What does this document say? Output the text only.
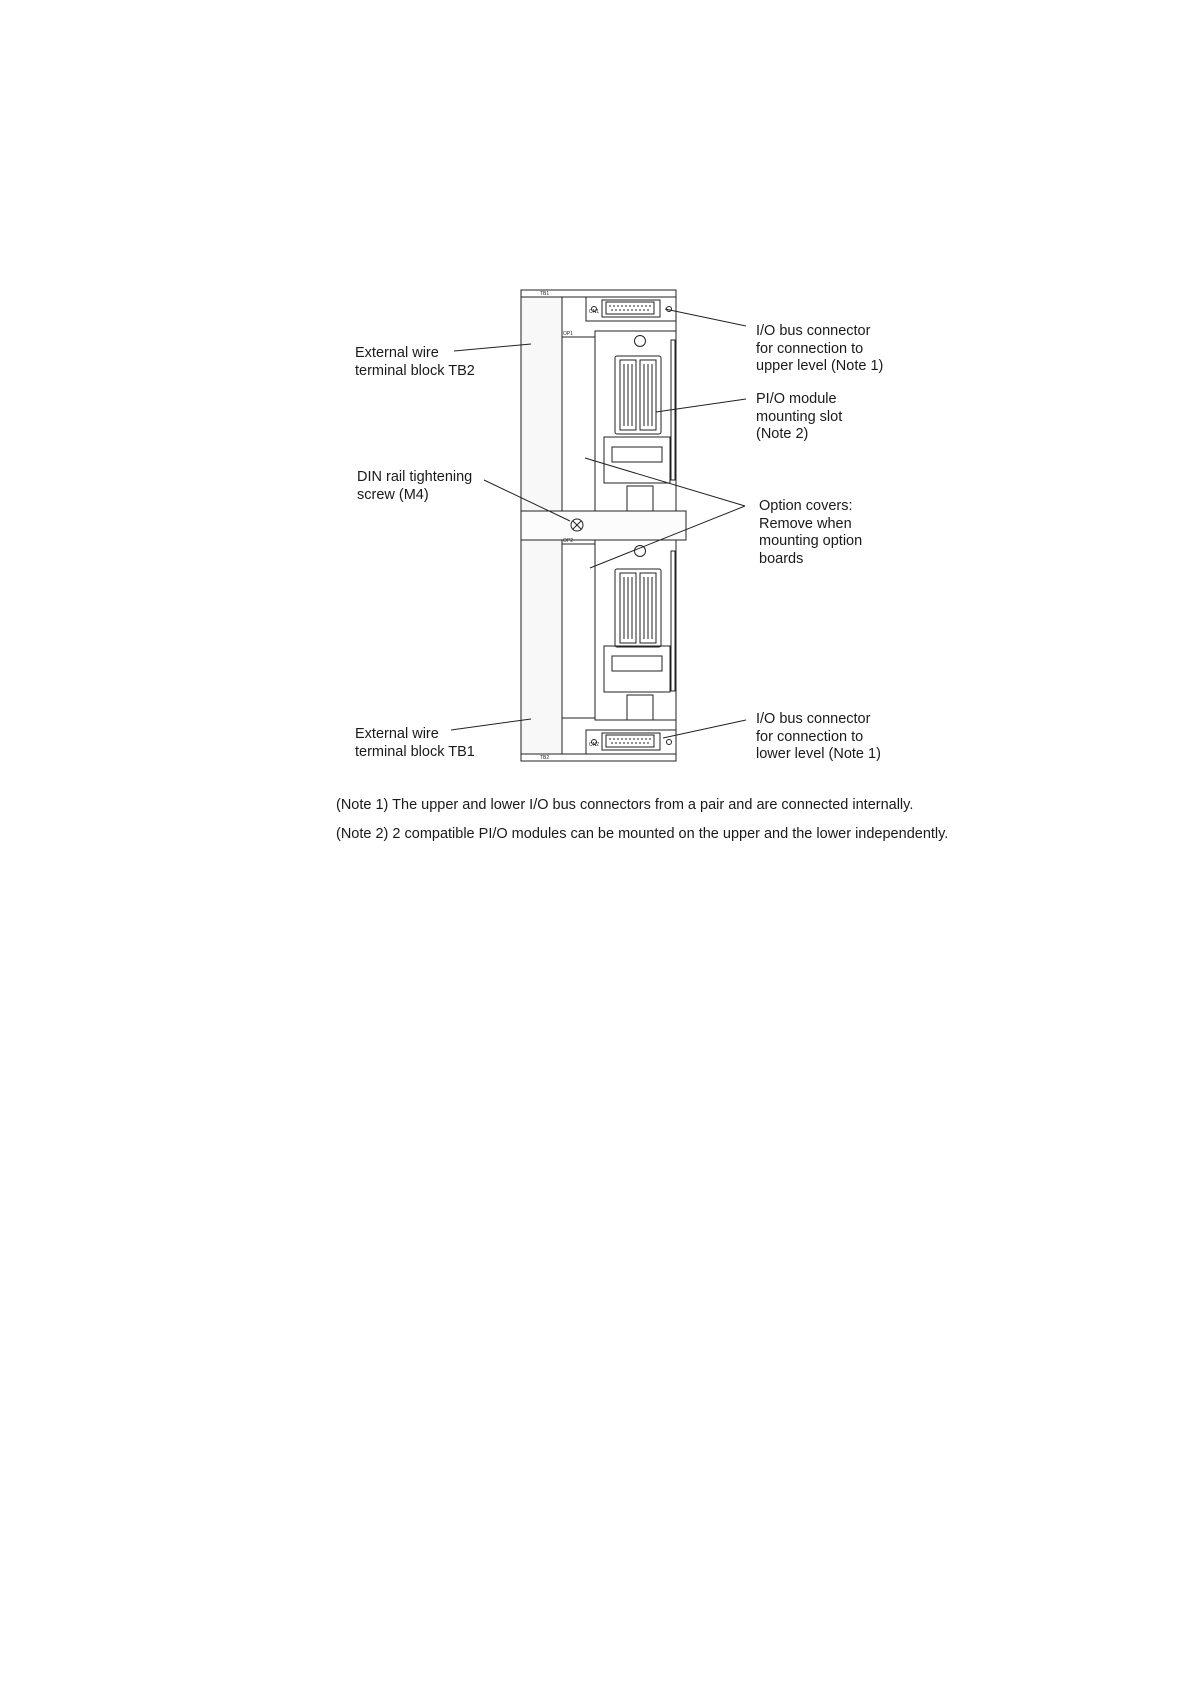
TB1
CN1
OP1
OP2
CN2
TB2
External wire
terminal block TB2
DIN rail tightening
screw (M4)
External wire
terminal block TB1
I/O bus connector
for connection to
upper level (Note 1)
PI/O module
mounting slot
(Note 2)
Option covers:
Remove when
mounting option
boards
I/O bus connector
for connection to
lower level (Note 1)
(Note 1) The upper and lower I/O bus connectors from a pair and are connected internally.
(Note 2) 2 compatible PI/O modules can be mounted on the upper and the lower independently.
